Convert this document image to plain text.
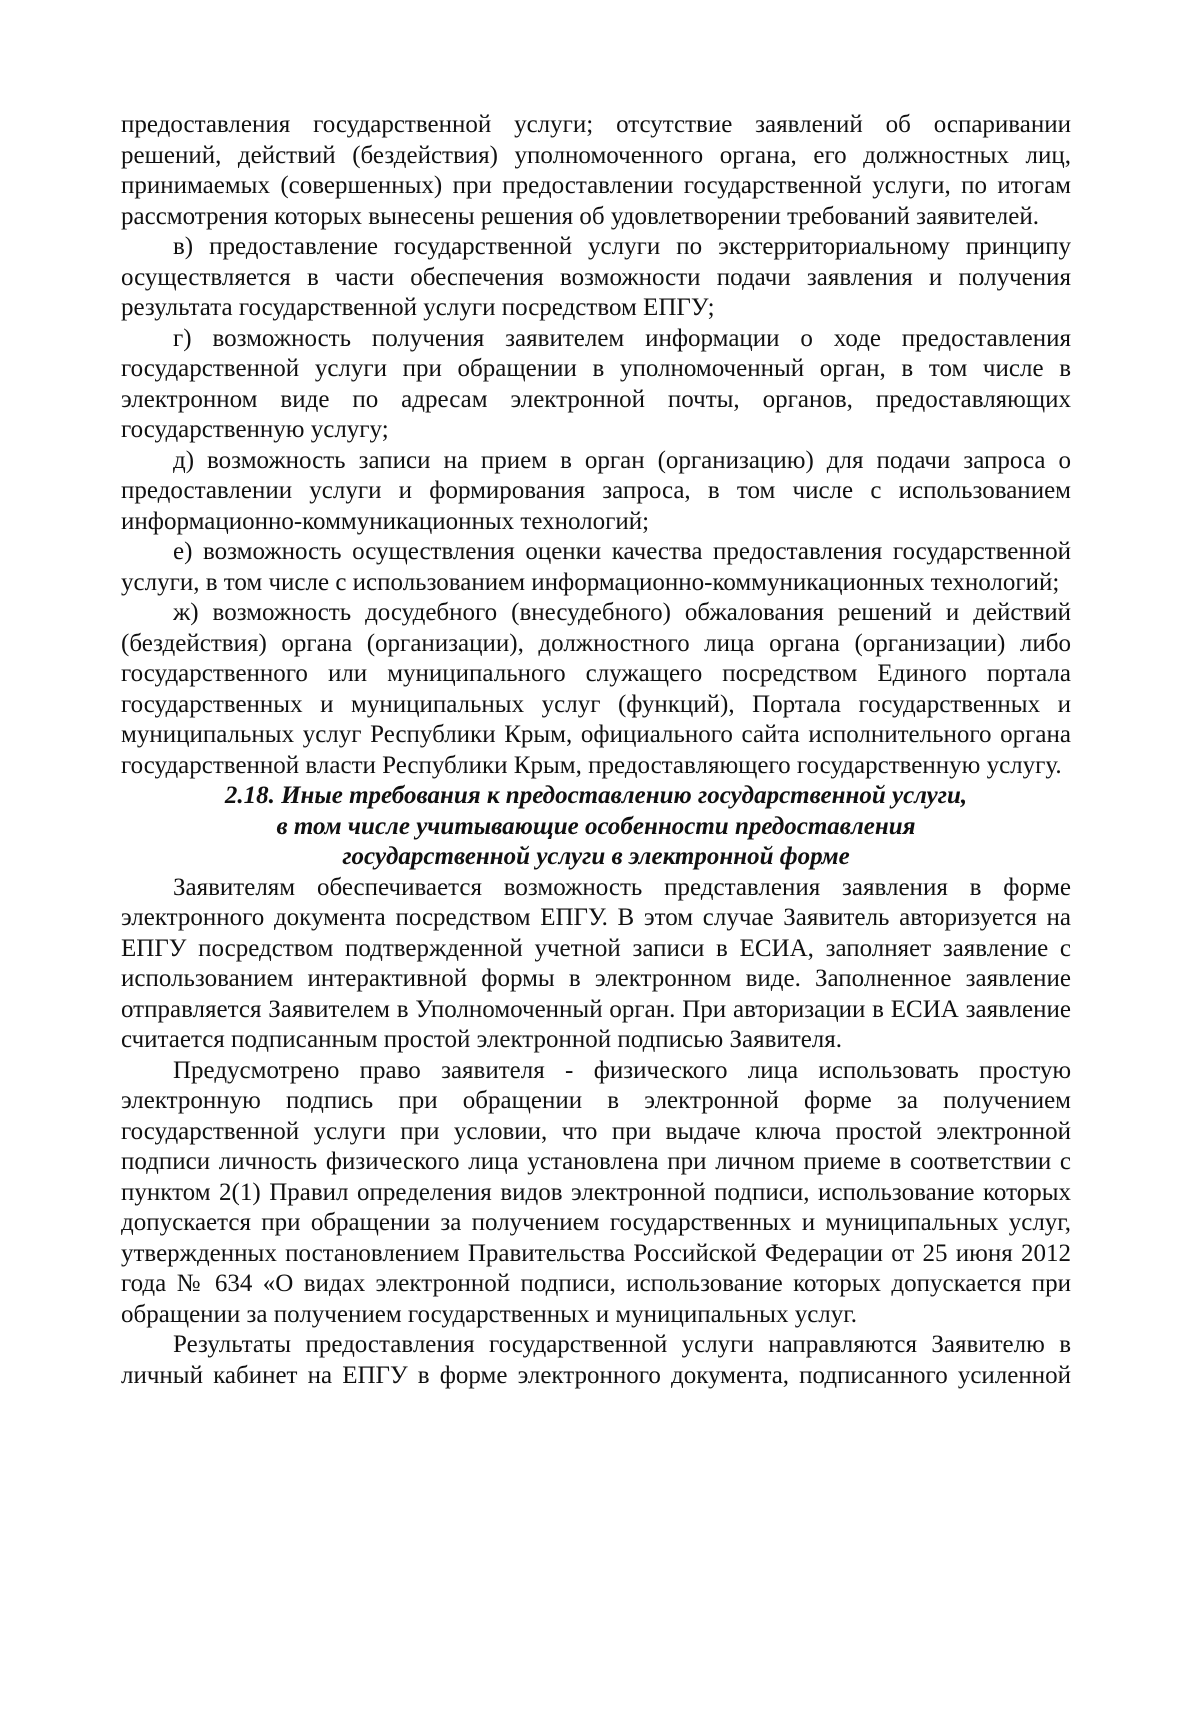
предоставления государственной услуги; отсутствие заявлений об оспаривании решений, действий (бездействия) уполномоченного органа, его должностных лиц, принимаемых (совершенных) при предоставлении государственной услуги, по итогам рассмотрения которых вынесены решения об удовлетворении требований заявителей.

в) предоставление государственной услуги по экстерриториальному принципу осуществляется в части обеспечения возможности подачи заявления и получения результата государственной услуги посредством ЕПГУ;

г) возможность получения заявителем информации о ходе предоставления государственной услуги при обращении в уполномоченный орган, в том числе в электронном виде по адресам электронной почты, органов, предоставляющих государственную услугу;

д) возможность записи на прием в орган (организацию) для подачи запроса о предоставлении услуги и формирования запроса, в том числе с использованием информационно-коммуникационных технологий;

е) возможность осуществления оценки качества предоставления государственной услуги, в том числе с использованием информационно-коммуникационных технологий;

ж) возможность досудебного (внесудебного) обжалования решений и действий (бездействия) органа (организации), должностного лица органа (организации) либо государственного или муниципального служащего посредством Единого портала государственных и муниципальных услуг (функций), Портала государственных и муниципальных услуг Республики Крым, официального сайта исполнительного органа государственной власти Республики Крым, предоставляющего государственную услугу.

2.18. Иные требования к предоставлению государственной услуги,
в том числе учитывающие особенности предоставления
государственной услуги в электронной форме

Заявителям обеспечивается возможность представления заявления в форме электронного документа посредством ЕПГУ. В этом случае Заявитель авторизуется на ЕПГУ посредством подтвержденной учетной записи в ЕСИА, заполняет заявление с использованием интерактивной формы в электронном виде. Заполненное заявление отправляется Заявителем в Уполномоченный орган. При авторизации в ЕСИА заявление считается подписанным простой электронной подписью Заявителя.

Предусмотрено право заявителя - физического лица использовать простую электронную подпись при обращении в электронной форме за получением государственной услуги при условии, что при выдаче ключа простой электронной подписи личность физического лица установлена при личном приеме в соответствии с пунктом 2(1) Правил определения видов электронной подписи, использование которых допускается при обращении за получением государственных и муниципальных услуг, утвержденных постановлением Правительства Российской Федерации от 25 июня 2012 года № 634 «О видах электронной подписи, использование которых допускается при обращении за получением государственных и муниципальных услуг.

Результаты предоставления государственной услуги направляются Заявителю в личный кабинет на ЕПГУ в форме электронного документа, подписанного усиленной
